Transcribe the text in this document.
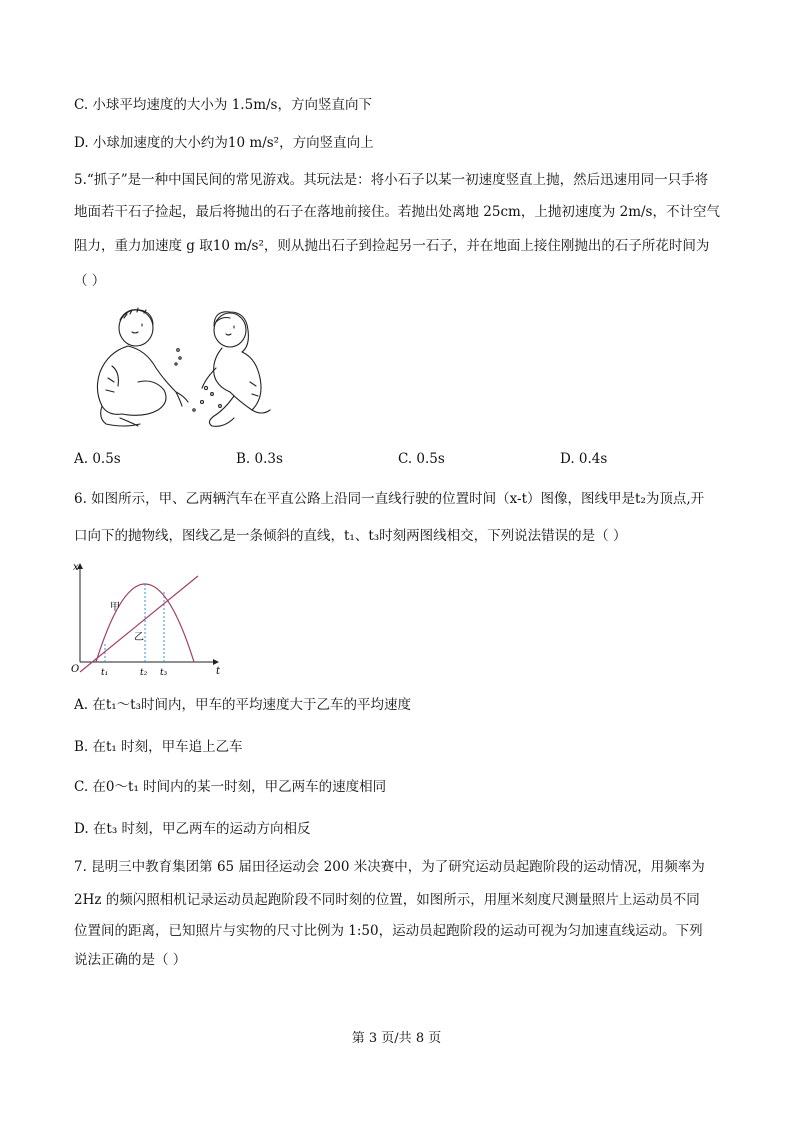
C. 小球平均速度的大小为 1.5m/s，方向竖直向下
D. 小球加速度的大小约为10 m/s²，方向竖直向上
5.“抓子”是一种中国民间的常见游戏。其玩法是：将小石子以某一初速度竖直上抛，然后迅速用同一只手将
地面若干石子捡起，最后将抛出的石子在落地前接住。若抛出处离地 25cm，上抛初速度为 2m/s，不计空气
阻力，重力加速度 g 取10 m/s²，则从抛出石子到捡起另一石子，并在地面上接住刚抛出的石子所花时间为
（ ）
A. 0.5s	B. 0.3s	C. 0.5s	D. 0.4s
6. 如图所示，甲、乙两辆汽车在平直公路上沿同一直线行驶的位置时间（x-t）图像，图线甲是t₂为顶点,开
口向下的抛物线，图线乙是一条倾斜的直线，t₁、t₃时刻两图线相交，下列说法错误的是（ ）
x
t
O
甲
乙
t₁	t₂ t₃
A. 在t₁～t₃时间内，甲车的平均速度大于乙车的平均速度
B. 在t₁ 时刻，甲车追上乙车
C. 在0～t₁ 时间内的某一时刻，甲乙两车的速度相同
D. 在t₃ 时刻，甲乙两车的运动方向相反
7. 昆明三中教育集团第 65 届田径运动会 200 米决赛中，为了研究运动员起跑阶段的运动情况，用频率为
2Hz 的频闪照相机记录运动员起跑阶段不同时刻的位置，如图所示，用厘米刻度尺测量照片上运动员不同
位置间的距离，已知照片与实物的尺寸比例为 1:50，运动员起跑阶段的运动可视为匀加速直线运动。下列
说法正确的是（ ）
第 3 页/共 8 页
